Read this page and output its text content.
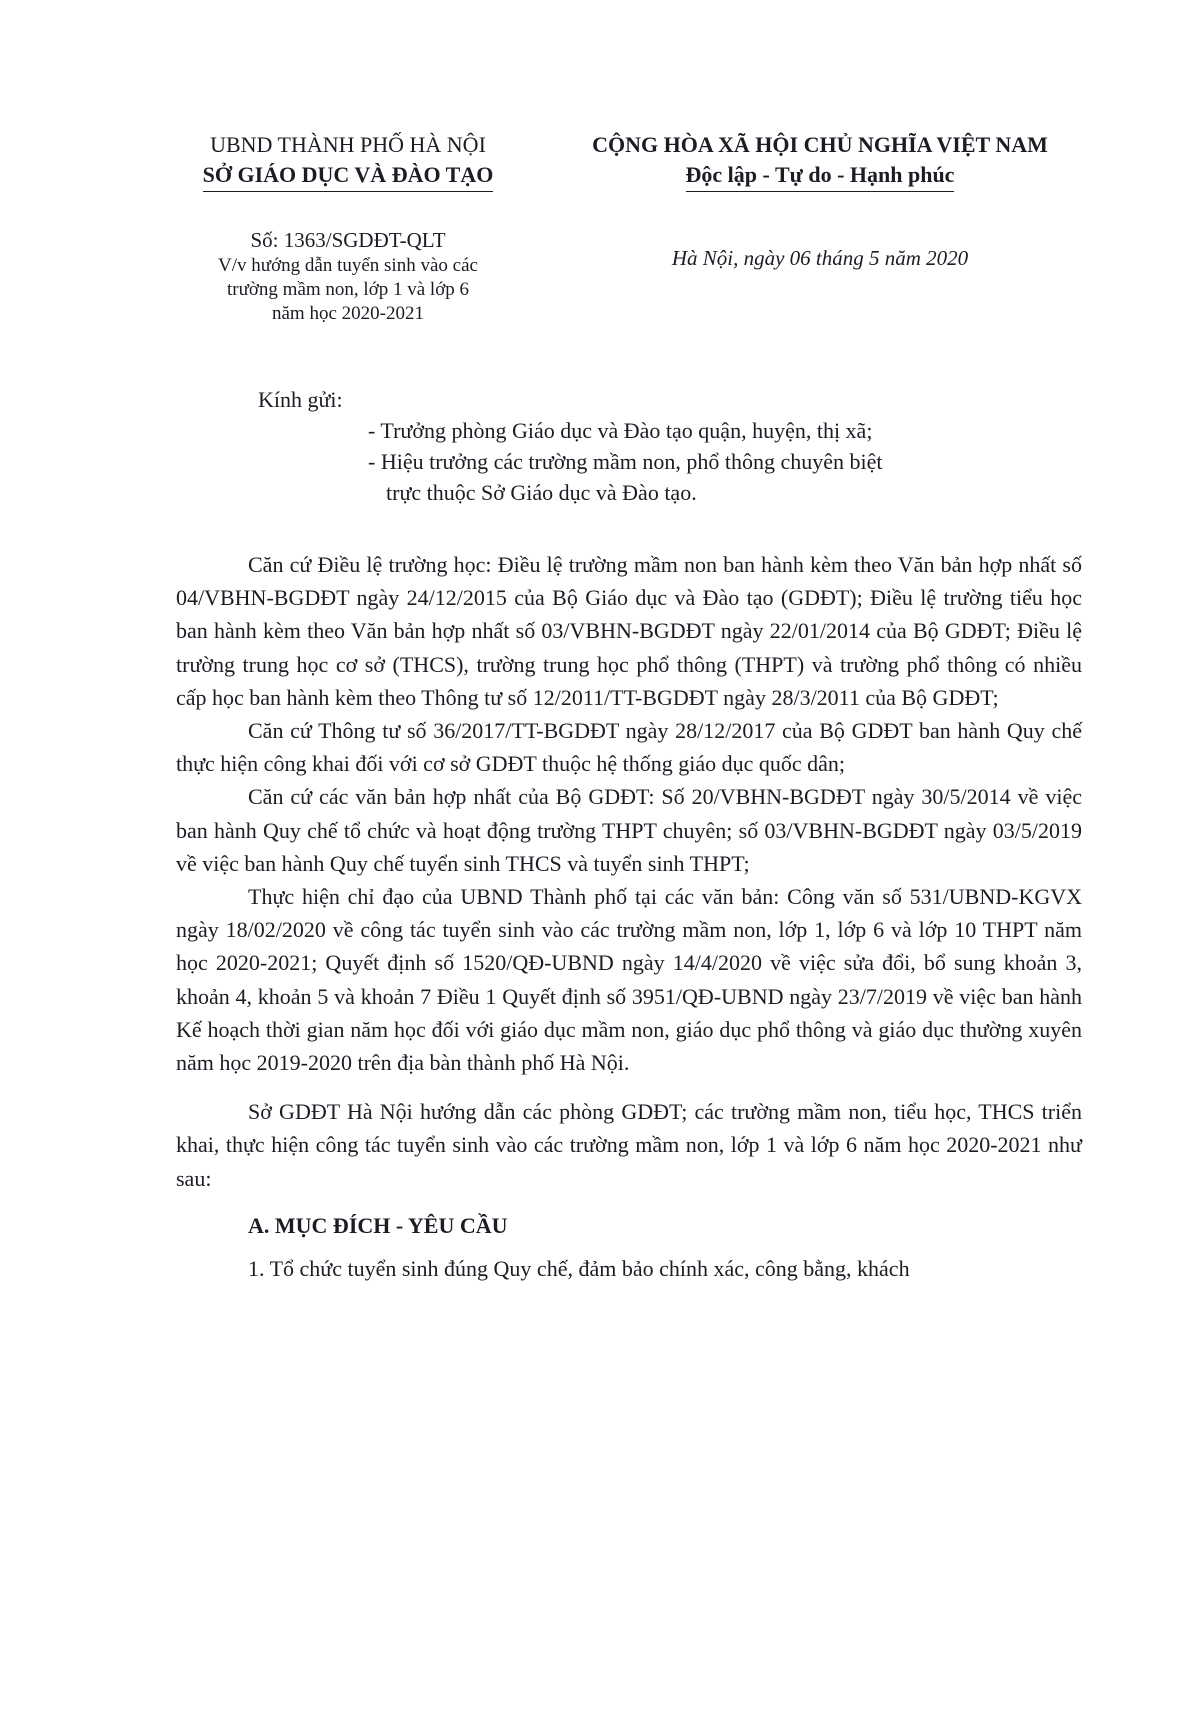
UBND THÀNH PHỐ HÀ NỘI
SỞ GIÁO DỤC VÀ ĐÀO TẠO
CỘNG HÒA XÃ HỘI CHỦ NGHĨA VIỆT NAM
Độc lập - Tự do - Hạnh phúc
Số: 1363/SGDĐT-QLT
V/v hướng dẫn tuyển sinh vào các
trường mầm non, lớp 1 và lớp 6
năm học 2020-2021
Hà Nội, ngày 06 tháng 5 năm 2020
Kính gửi:
- Trưởng phòng Giáo dục và Đào tạo quận, huyện, thị xã;
- Hiệu trưởng các trường mầm non, phổ thông chuyên biệt
trực thuộc Sở Giáo dục và Đào tạo.

Căn cứ Điều lệ trường học: Điều lệ trường mầm non ban hành kèm theo Văn bản hợp nhất số 04/VBHN-BGDĐT ngày 24/12/2015 của Bộ Giáo dục và Đào tạo (GDĐT); Điều lệ trường tiểu học ban hành kèm theo Văn bản hợp nhất số 03/VBHN-BGDĐT ngày 22/01/2014 của Bộ GDĐT; Điều lệ trường trung học cơ sở (THCS), trường trung học phổ thông (THPT) và trường phổ thông có nhiều cấp học ban hành kèm theo Thông tư số 12/2011/TT-BGDĐT ngày 28/3/2011 của Bộ GDĐT;

Căn cứ Thông tư số 36/2017/TT-BGDĐT ngày 28/12/2017 của Bộ GDĐT ban hành Quy chế thực hiện công khai đối với cơ sở GDĐT thuộc hệ thống giáo dục quốc dân;

Căn cứ các văn bản hợp nhất của Bộ GDĐT: Số 20/VBHN-BGDĐT ngày 30/5/2014 về việc ban hành Quy chế tổ chức và hoạt động trường THPT chuyên; số 03/VBHN-BGDĐT ngày 03/5/2019 về việc ban hành Quy chế tuyển sinh THCS và tuyển sinh THPT;

Thực hiện chỉ đạo của UBND Thành phố tại các văn bản: Công văn số 531/UBND-KGVX ngày 18/02/2020 về công tác tuyển sinh vào các trường mầm non, lớp 1, lớp 6 và lớp 10 THPT năm học 2020-2021; Quyết định số 1520/QĐ-UBND ngày 14/4/2020 về việc sửa đổi, bổ sung khoản 3, khoản 4, khoản 5 và khoản 7 Điều 1 Quyết định số 3951/QĐ-UBND ngày 23/7/2019 về việc ban hành Kế hoạch thời gian năm học đối với giáo dục mầm non, giáo dục phổ thông và giáo dục thường xuyên năm học 2019-2020 trên địa bàn thành phố Hà Nội.

Sở GDĐT Hà Nội hướng dẫn các phòng GDĐT; các trường mầm non, tiểu học, THCS triển khai, thực hiện công tác tuyển sinh vào các trường mầm non, lớp 1 và lớp 6 năm học 2020-2021 như sau:

A. MỤC ĐÍCH - YÊU CẦU

1. Tổ chức tuyển sinh đúng Quy chế, đảm bảo chính xác, công bằng, khách
